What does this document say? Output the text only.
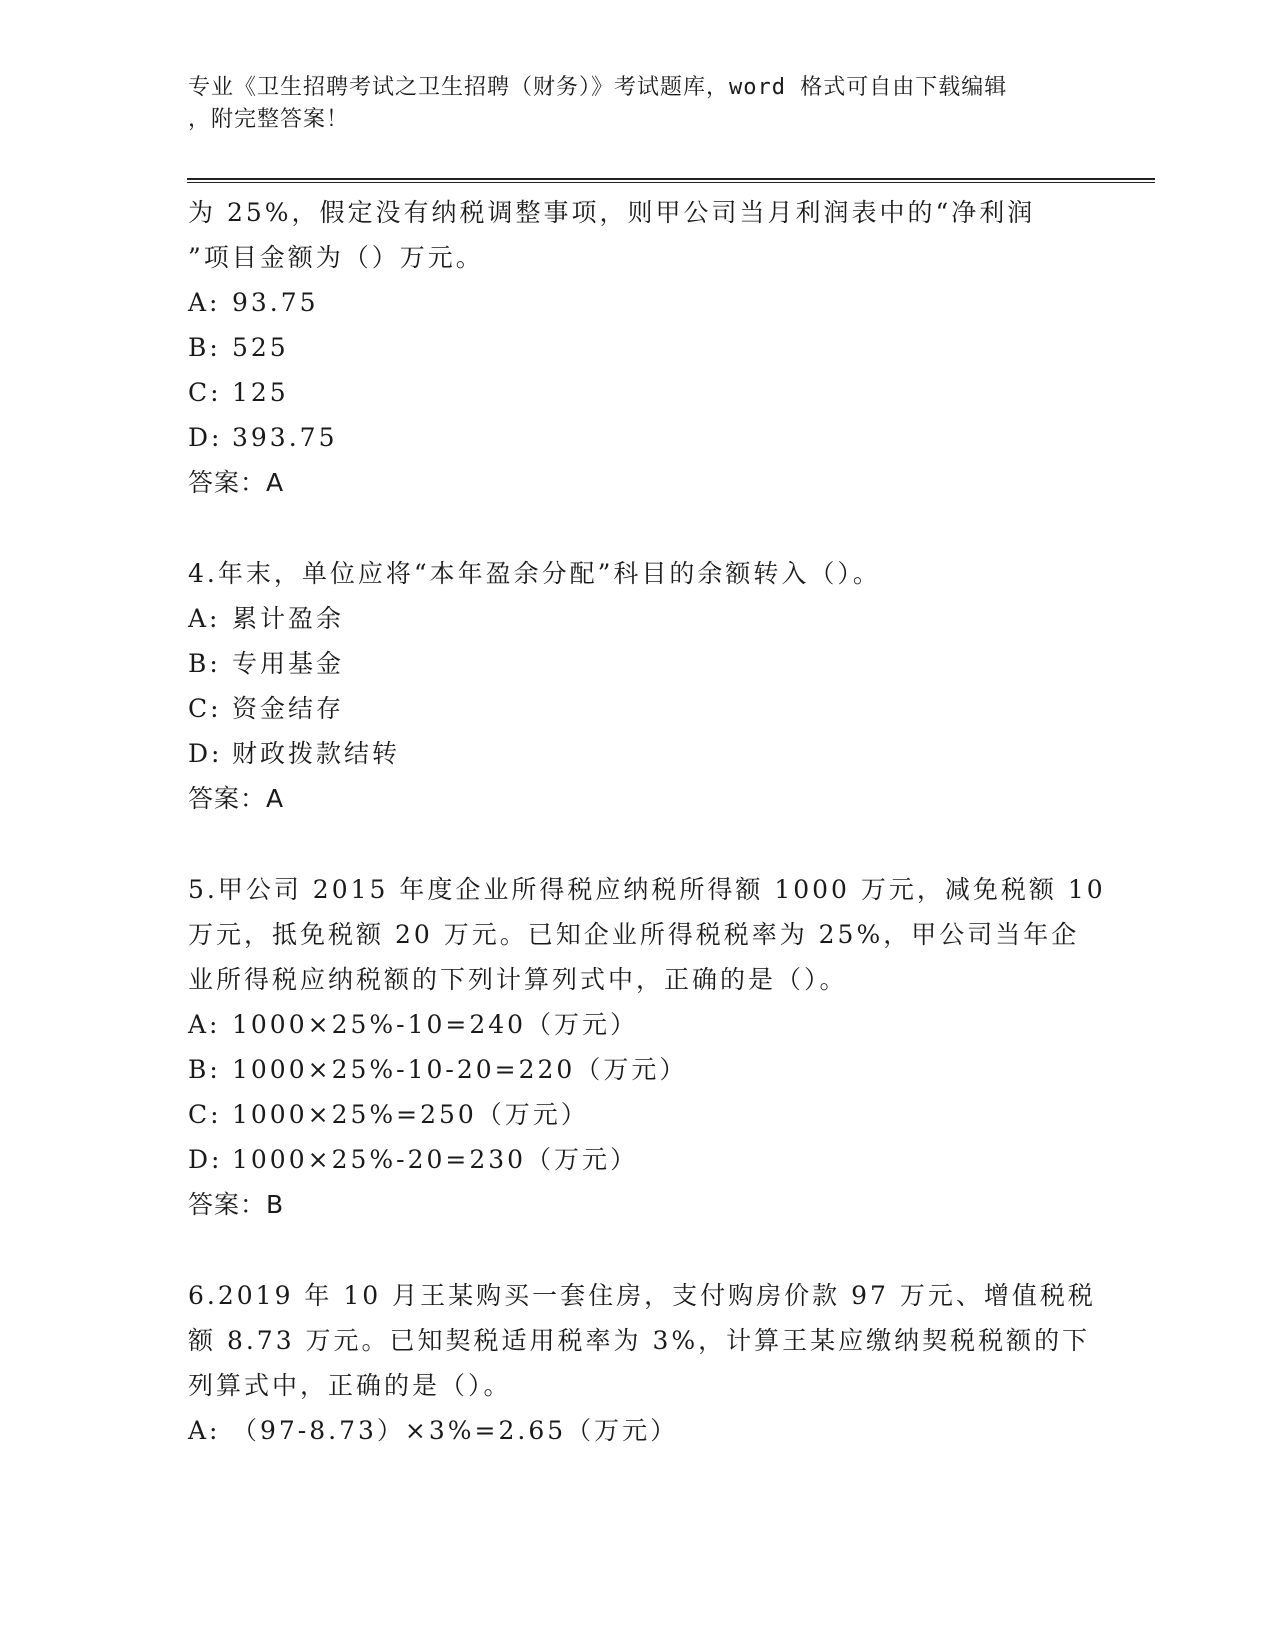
专业《卫生招聘考试之卫生招聘（财务）》考试题库，word 格式可自由下载编辑
，附完整答案！
为 25%，假定没有纳税调整事项，则甲公司当月利润表中的“净利润
”项目金额为（）万元。
A: 93.75
B: 525
C: 125
D: 393.75
答案：A
4.年末，单位应将“本年盈余分配”科目的余额转入（）。
A: 累计盈余
B: 专用基金
C: 资金结存
D: 财政拨款结转
答案：A
5.甲公司 2015 年度企业所得税应纳税所得额 1000 万元，减免税额 10
万元，抵免税额 20 万元。已知企业所得税税率为 25%，甲公司当年企
业所得税应纳税额的下列计算列式中，正确的是（）。
A: 1000×25%-10=240（万元）
B: 1000×25%-10-20=220（万元）
C: 1000×25%=250（万元）
D: 1000×25%-20=230（万元）
答案：B
6.2019 年 10 月王某购买一套住房，支付购房价款 97 万元、增值税税
额 8.73 万元。已知契税适用税率为 3%，计算王某应缴纳契税税额的下
列算式中，正确的是（）。
A: （97-8.73）×3%=2.65（万元）
